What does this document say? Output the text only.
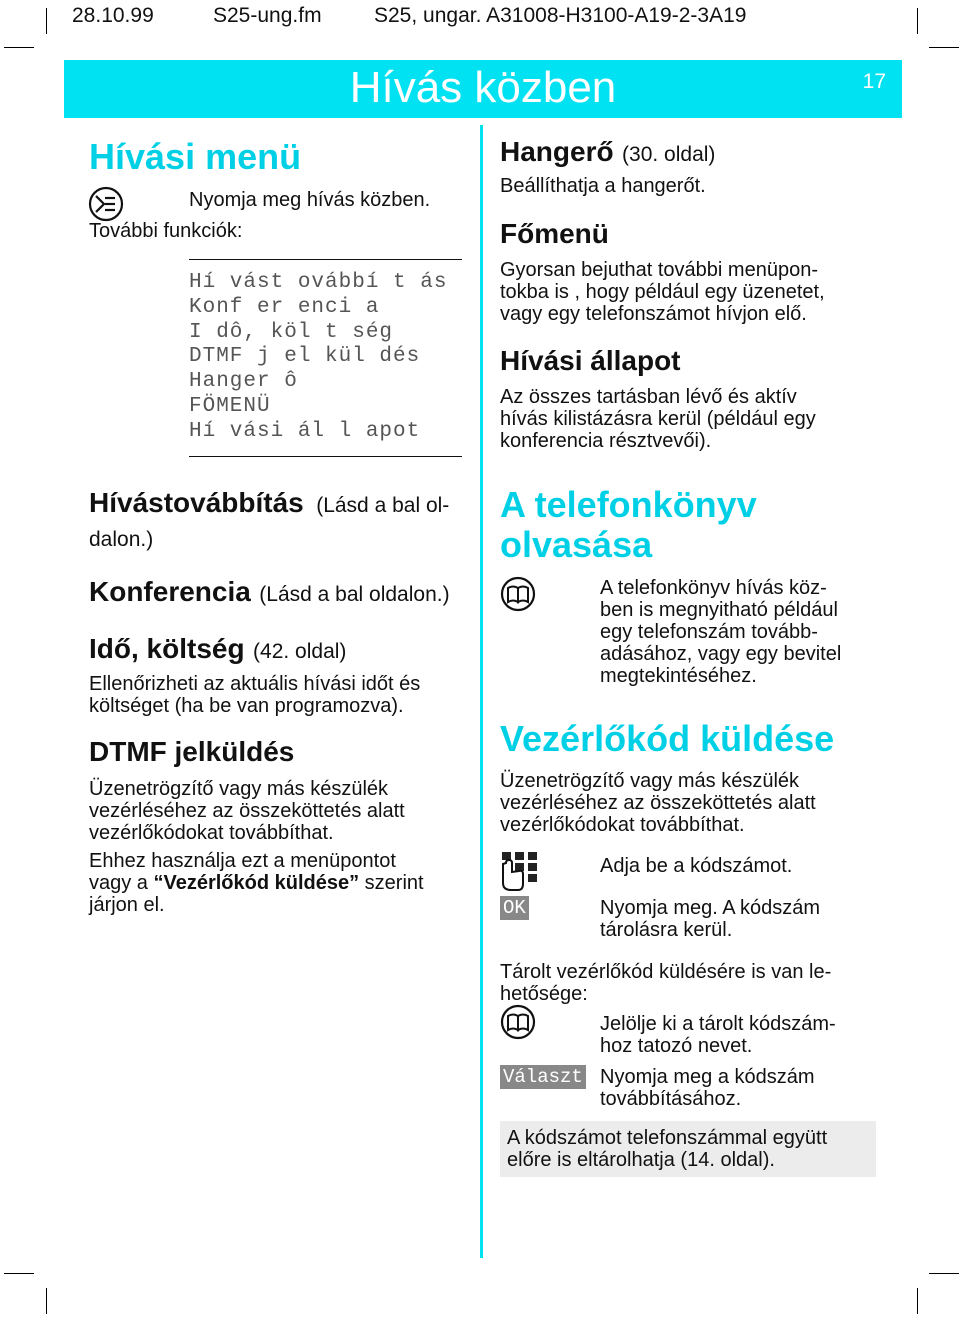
28.10.99	S25-ung.fm S25, ungar. A31008-H3100-A19-2-3A19
Hívás közben	17
Hívási menü
Nyomja meg hívás közben.
További funkciók:
Hí vást ovábbí t ás
Konf er enci a
I dô, köl t ség
DTMF j el kül dés
Hanger ô
FÖMENÜ
Hí vási ál l apot
Hívástovábbítás (Lásd a bal ol-
dalon.)
Konferencia (Lásd a bal oldalon.)
Idő, költség (42. oldal)
Ellenőrizheti az aktuális hívási időt és
költséget (ha be van programozva).
DTMF jelküldés
Üzenetrögzítő vagy más készülék
vezérléséhez az összeköttetés alatt
vezérlőkódokat továbbíthat.
Ehhez használja ezt a menüpontot
vagy a “Vezérlőkód küldése” szerint
járjon el.
Hangerő (30. oldal)
Beállíthatja a hangerőt.
Főmenü
Gyorsan bejuthat további menüpon-
tokba is , hogy például egy üzenetet,
vagy egy telefonszámot hívjon elő.
Hívási állapot
Az összes tartásban lévő és aktív
hívás kilistázásra kerül (például egy
konferencia résztvevői).
A telefonkönyv
olvasása
A telefonkönyv hívás köz-
ben is megnyitható például
egy telefonszám tovább-
adásához, vagy egy bevitel
megtekintéséhez.
Vezérlőkód küldése
Üzenetrögzítő vagy más készülék
vezérléséhez az összeköttetés alatt
vezérlőkódokat továbbíthat.
Adja be a kódszámot.
OK	Nyomja meg. A kódszám
tárolásra kerül.
Tárolt vezérlőkód küldésére is van le-
hetősége:
Jelölje ki a tárolt kódszám-
hoz tatozó nevet.
Választ Nyomja meg a kódszám
továbbításához.
A kódszámot telefonszámmal együtt
előre is eltárolhatja (14. oldal).
